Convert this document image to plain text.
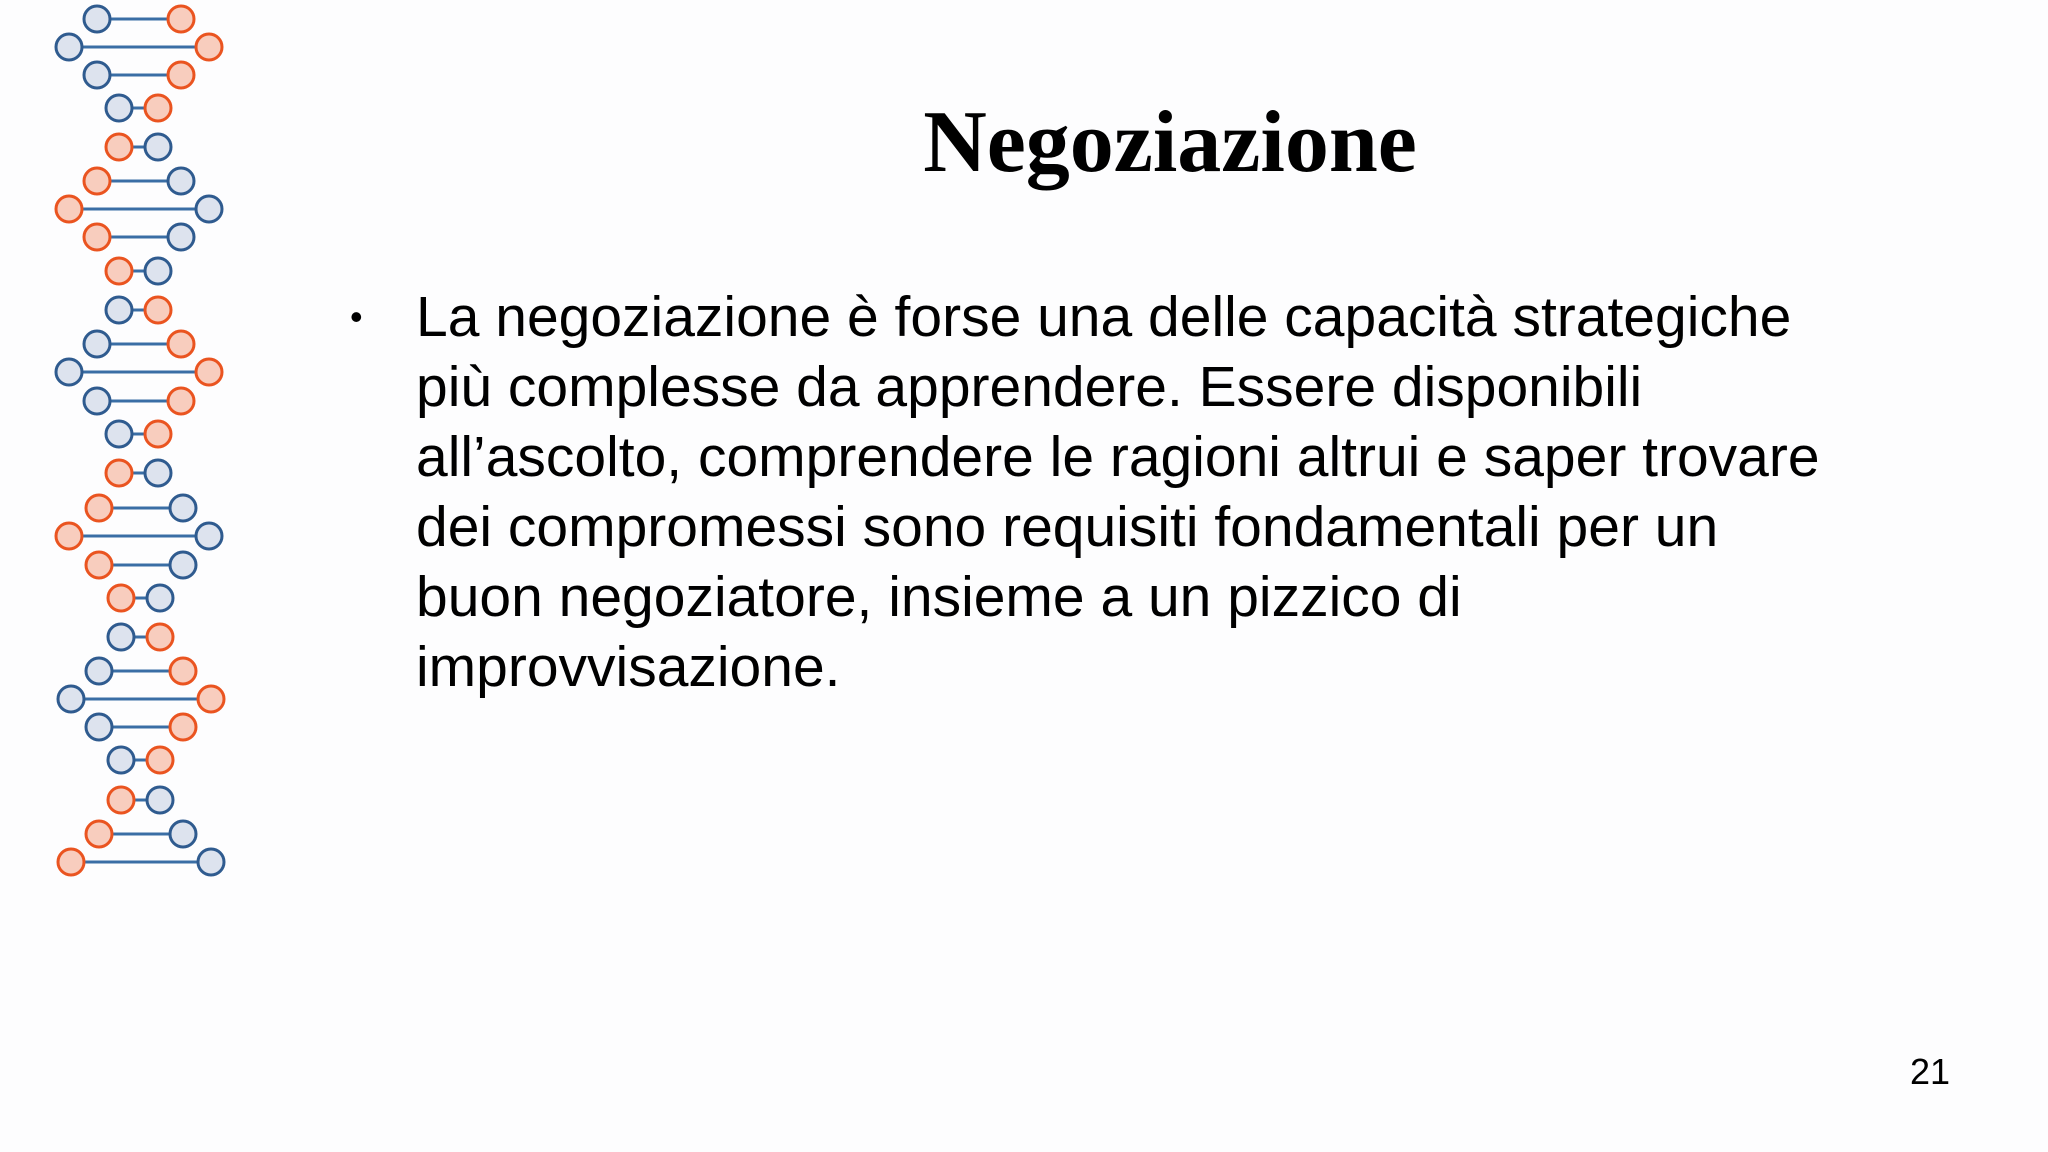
Negoziazione
• La negoziazione è forse una delle capacità strategiche
più complesse da apprendere. Essere disponibili
all’ascolto, comprendere le ragioni altrui e saper trovare
dei compromessi sono requisiti fondamentali per un
buon negoziatore, insieme a un pizzico di
improvvisazione.
21
